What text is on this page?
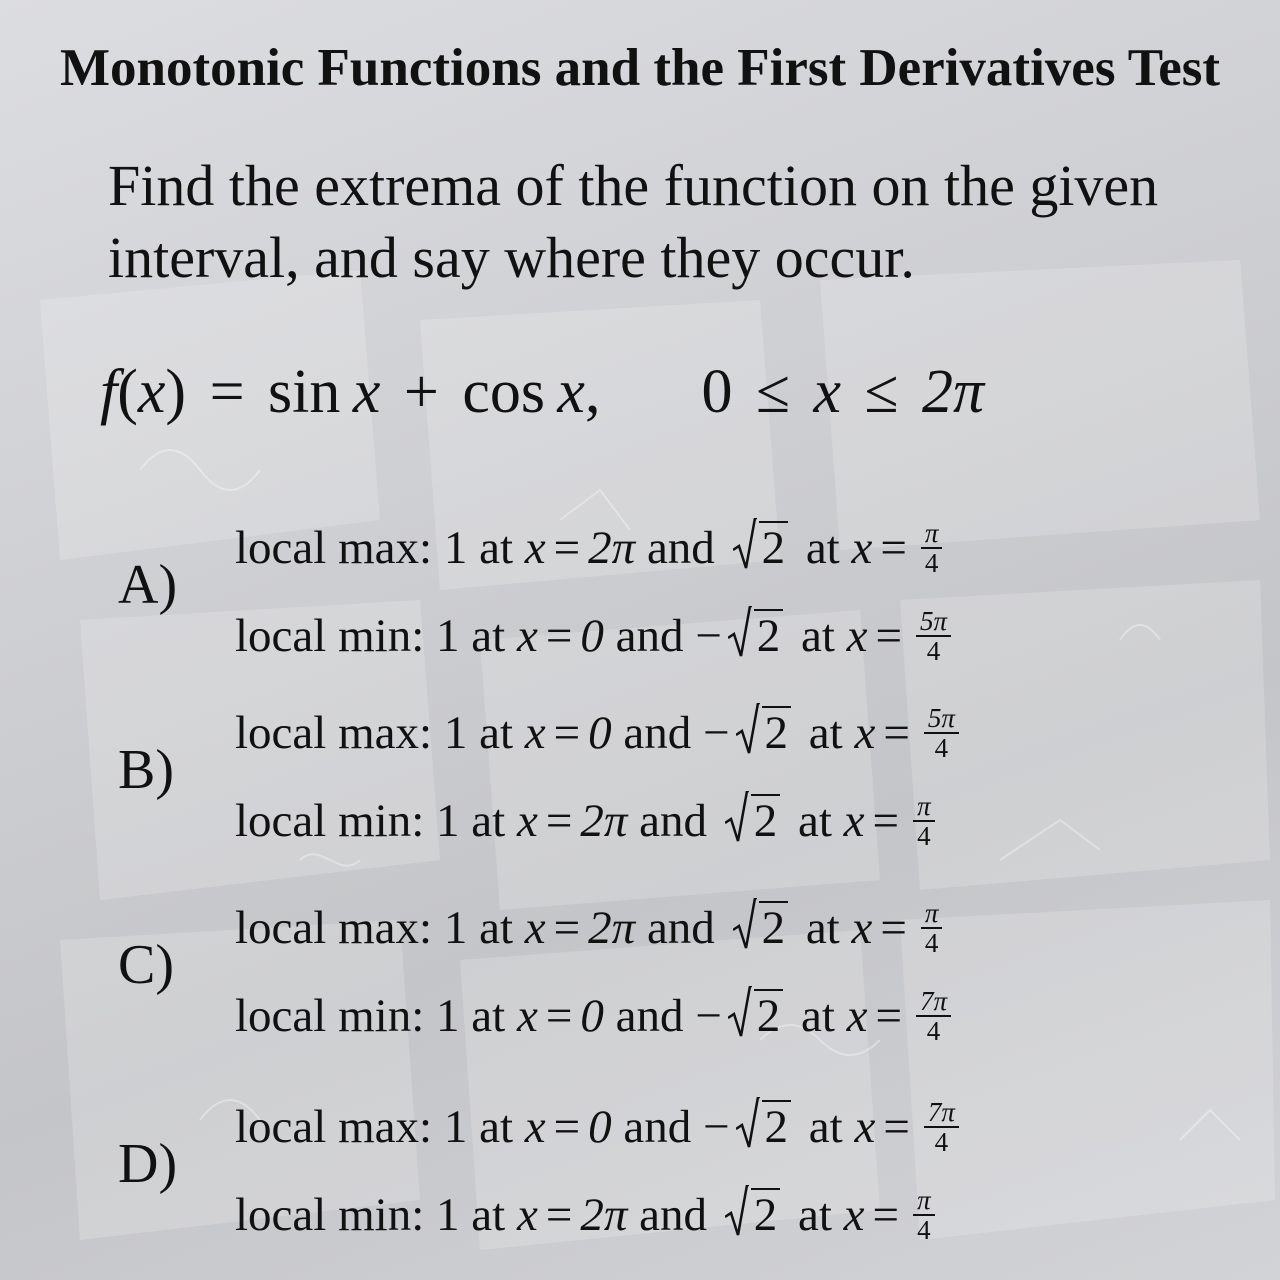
Monotonic Functions and the First Derivatives Test

Find the extrema of the function on the given interval, and say where they occur.

f(x) = sin  x + cos  x,  0 ≤ x ≤ 2π
A)
local max: 1 at x = 2π and
2 at $x = \frac{\pi}{4}$
local min: 1 at x = 0 and − 2 at $x = \frac{5\pi}{4}$
B)
local max: 1 at x = 0 and − 2 at $x = \frac{5\pi}{4}$
local min: 1 at x = 2π and
2 at $x = \frac{\pi}{4}$
C)
local max: 1 at x = 2π and
2 at $x = \frac{\pi}{4}$
local min: 1 at x = 0 and − 2 at $x = \frac{7\pi}{4}$
D)
local max: 1 at x = 0 and − 2 at $x = \frac{7\pi}{4}$
local min: 1 at x = 2π and
2 at $x = \frac{\pi}{4}$
